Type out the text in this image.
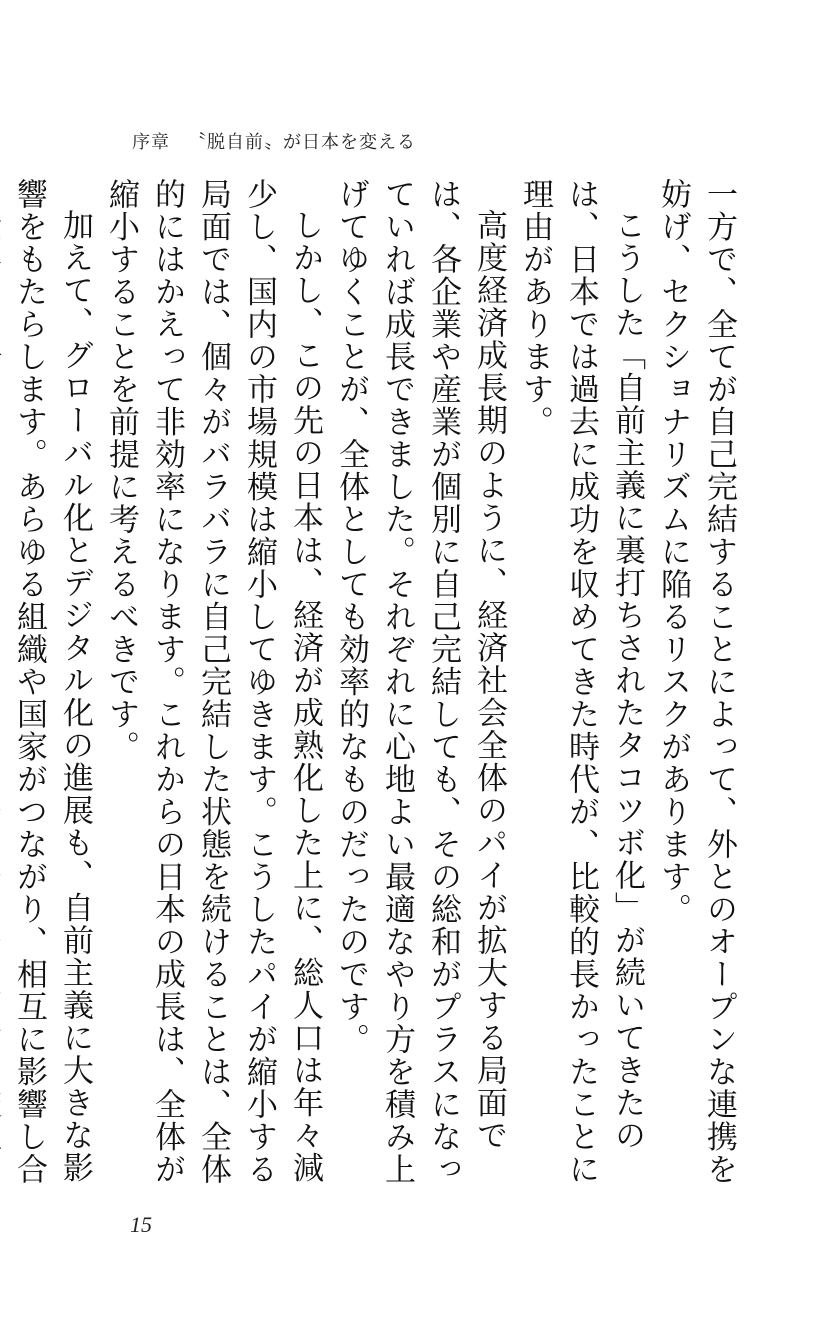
序章 〝脱自前〟が日本を変える

一方で、全てが自己完結することによって、外とのオープンな連携を妨げ、セクショナリズムに陥るリスクがあります。

こうした「自前主義に裏打ちされたタコツボ化」が続いてきたのは、日本では過去に成功を収めてきた時代が、比較的長かったことに理由があります。

高度経済成長期のように、経済社会全体のパイが拡大する局面では、各企業や産業が個別に自己完結しても、その総和がプラスになっていれば成長できました。それぞれに心地よい最適なやり方を積み上げてゆくことが、全体としても効率的なものだったのです。

しかし、この先の日本は、経済が成熟化した上に、総人口は年々減少し、国内の市場規模は縮小してゆきます。こうしたパイが縮小する局面では、個々がバラバラに自己完結した状態を続けることは、全体的にはかえって非効率になります。これからの日本の成長は、全体が縮小することを前提に考えるべきです。

加えて、グローバル化とデジタル化の進展も、自前主義に大きな影響をもたらします。あらゆる組織や国家がつながり、相互に影響し合

15
